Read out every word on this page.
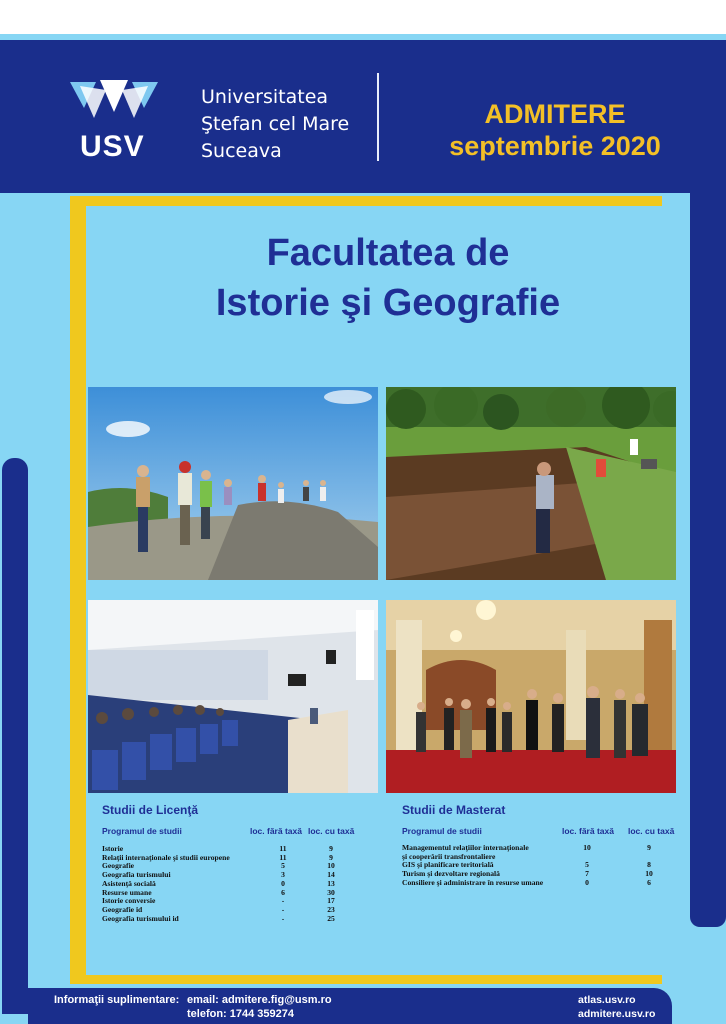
USV
Universitatea
Ştefan cel Mare
Suceava
ADMITERE
septembrie 2020
Facultatea de
Istorie şi Geografie
Studii de Licenţă
Programul de studii	loc. fără taxă loc. cu taxă
Istorie	11	9
Relaţii internaţionale şi studii europene	11	9
Geografie	5	10
Geografia turismului	3	14
Asistenţă socială	0	13
Resurse umane	6	30
Istorie conversie	-	17
Geografie id	-	23
Geografia turismului id	-	25
Studii de Masterat
Programul de studii	loc. fără taxă loc. cu taxă
Managementul relaţiilor internaţionale	10	9
şi cooperării transfrontaliere
GIS şi planificare teritorială	5	8
Turism şi dezvoltare regională	7	10
Consiliere şi administrare în resurse umane	0	6
Informaţii suplimentare: email: admitere.fig@usm.ro
telefon: 1744 359274
atlas.usv.ro
admitere.usv.ro
